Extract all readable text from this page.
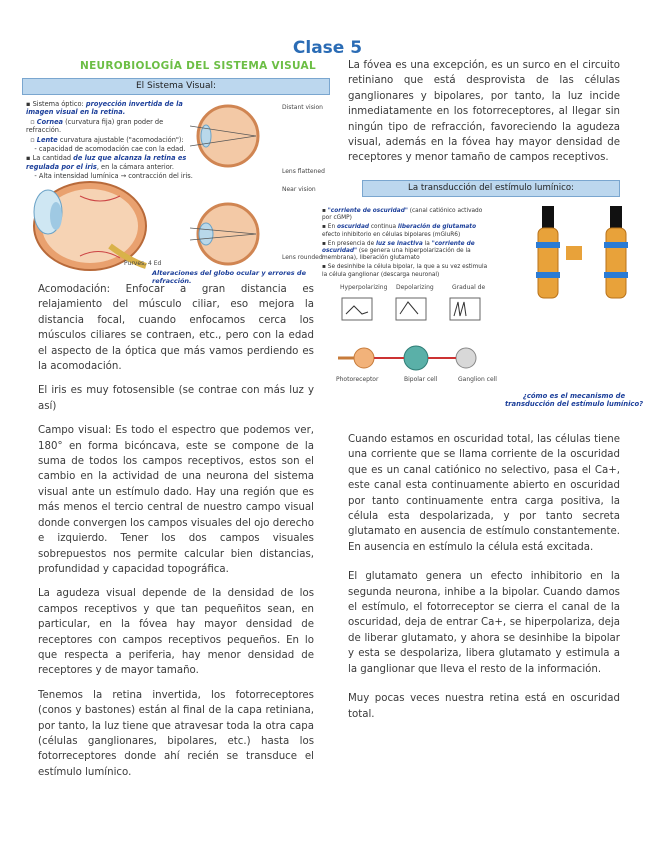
Clase 5
NEUROBIOLOGÍA DEL SISTEMA VISUAL
El Sistema Visual:
▪ Sistema óptico: proyección invertida de la imagen visual en la retina.
▫ Cornea (curvatura fija) gran poder de refracción.
▫ Lente curvatura ajustable ("acomodación"):
- capacidad de acomodación cae con la edad.
▪ La cantidad de luz que alcanza la retina es regulada por el iris, en la cámara anterior.
- Alta intensidad lumínica → contracción del iris.
Distant vision
Lens flattened
Near vision
Lens rounded
Purves, 4 Ed
Alteraciones del globo ocular y errores de refracción.

Acomodación: Enfocar a gran distancia es relajamiento del músculo ciliar, eso mejora la distancia focal, cuando enfocamos cerca los músculos ciliares se contraen, etc., pero con la edad el aspecto de la óptica que más vamos perdiendo es la acomodación.

El iris es muy fotosensible (se contrae con más luz y así)

Campo visual: Es todo el espectro que podemos ver, 180° en forma bicóncava, este se compone de la suma de todos los campos receptivos, estos son el cambio en la actividad de una neurona del sistema visual ante un estímulo dado. Hay una región que es más menos el tercio central de nuestro campo visual donde convergen los campos visuales del ojo derecho e izquierdo. Tener los dos campos visuales sobrepuestos nos permite calcular bien distancias, profundidad y capacidad topográfica.

La agudeza visual depende de la densidad de los campos receptivos y que tan pequeñitos sean, en particular, en la fóvea hay mayor densidad de receptores con campos receptivos pequeños. En lo que respecta a periferia, hay menor densidad de receptores y de mayor tamaño.

Tenemos la retina invertida, los fotorreceptores (conos y bastones) están al final de la capa retiniana, por tanto, la luz tiene que atravesar toda la otra capa (células ganglionares, bipolares, etc.) hasta los fotorreceptores donde ahí recién se transduce el estímulo lumínico.

La fóvea es una excepción, es un surco en el circuito retiniano que está desprovista de las células ganglionares y bipolares, por tanto, la luz incide inmediatamente en los fotorreceptores, al llegar sin ningún tipo de refracción, favoreciendo la agudeza visual, además en la fóvea hay mayor densidad de receptores y menor tamaño de campos receptivos.

La transducción del estímulo lumínico:
▪ "corriente de oscuridad" (canal catiónico activado por cGMP)
▪ En oscuridad continua liberación de glutamato efecto inhibitorio en células bipolares (mGluR6)
▪ En presencia de luz se inactiva la "corriente de oscuridad" (se genera una hiperpolarización de la membrana), liberación glutamato
▪ Se desinhibe la célula bipolar, la que a su vez estimula la célula ganglionar (descarga neuronal)
Hyperpolarizing Depolarizing	Gradual de
Photoreceptor	Bipolar cell	Ganglion cell
¿cómo es el mecanismo de transducción del estímulo lumínico?

Cuando estamos en oscuridad total, las células tiene una corriente que se llama corriente de la oscuridad que es un canal catiónico no selectivo, pasa el Ca+, este canal esta continuamente abierto en oscuridad por tanto continuamente entra carga positiva, la célula esta despolarizada, y por tanto secreta glutamato en ausencia de estímulo constantemente. En ausencia en estímulo la célula está excitada.

El glutamato genera un efecto inhibitorio en la segunda neurona, inhibe a la bipolar. Cuando damos el estímulo, el fotorreceptor se cierra el canal de la oscuridad, deja de entrar Ca+, se hiperpolariza, deja de liberar glutamato, y ahora se desinhibe la bipolar y esta se despolariza, libera glutamato y estimula a la ganglionar que lleva el resto de la información.

Muy pocas veces nuestra retina está en oscuridad total.
